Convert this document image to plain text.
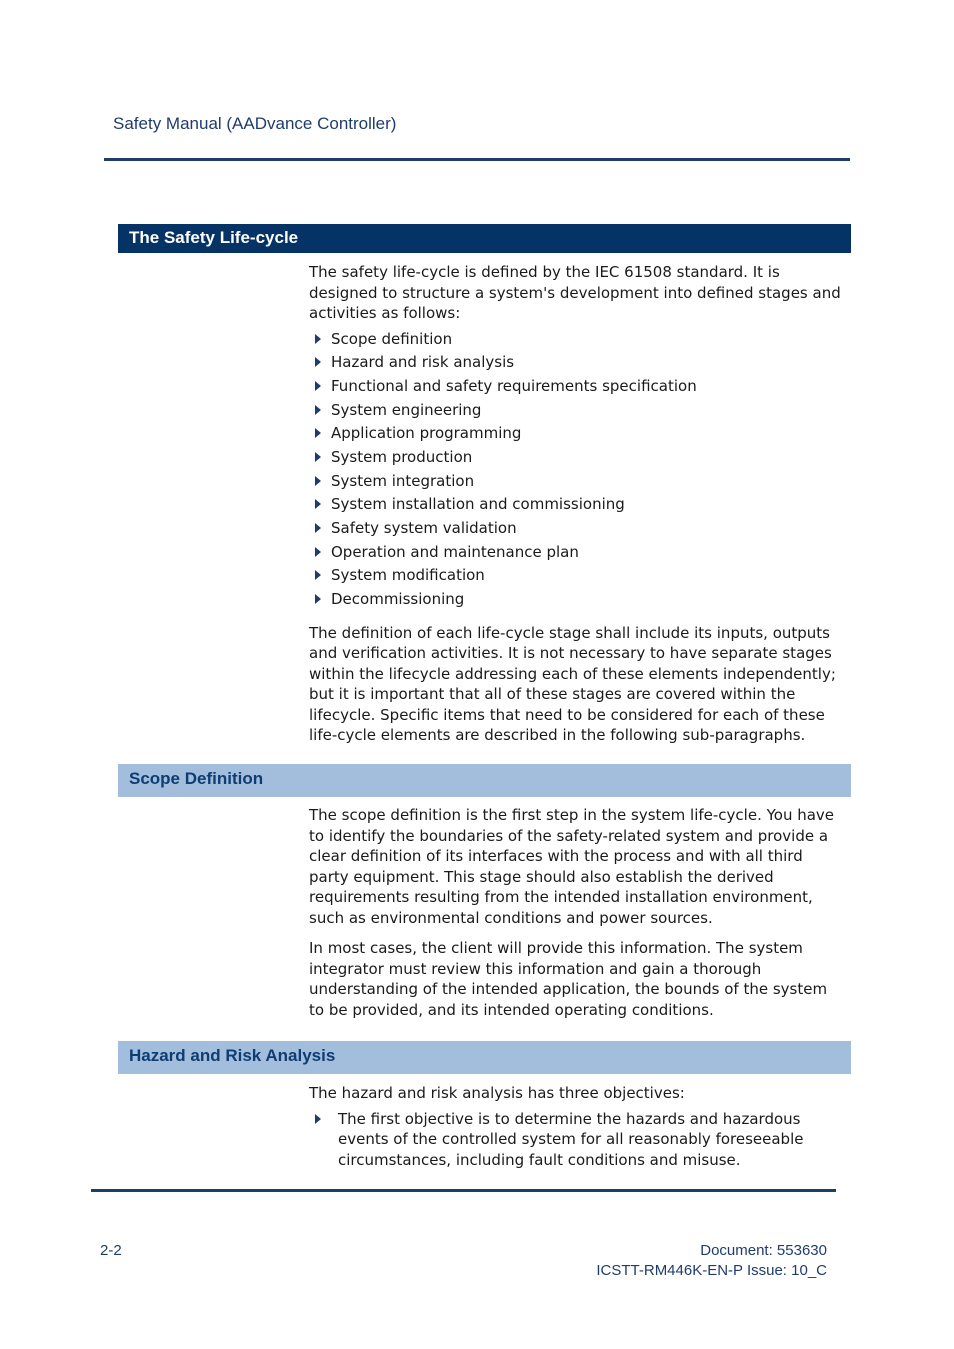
Safety Manual (AADvance Controller)
The Safety Life-cycle

The safety life-cycle is defined by the IEC 61508 standard. It is designed to structure a system's development into defined stages and activities as follows:

Scope definition
Hazard and risk analysis
Functional and safety requirements specification
System engineering
Application programming
System production
System integration
System installation and commissioning
Safety system validation
Operation and maintenance plan
System modification
Decommissioning

The definition of each life-cycle stage shall include its inputs, outputs and verification activities. It is not necessary to have separate stages within the lifecycle addressing each of these elements independently; but it is important that all of these stages are covered within the lifecycle. Specific items that need to be considered for each of these life-cycle elements are described in the following sub-paragraphs.

Scope Definition

The scope definition is the first step in the system life-cycle. You have to identify the boundaries of the safety-related system and provide a clear definition of its interfaces with the process and with all third party equipment. This stage should also establish the derived requirements resulting from the intended installation environment, such as environmental conditions and power sources.

In most cases, the client will provide this information. The system integrator must review this information and gain a thorough understanding of the intended application, the bounds of the system to be provided, and its intended operating conditions.

Hazard and Risk Analysis

The hazard and risk analysis has three objectives:

The first objective is to determine the hazards and hazardous events of the controlled system for all reasonably foreseeable circumstances, including fault conditions and misuse.
2-2	Document: 553630
ICSTT-RM446K-EN-P Issue: 10_C
